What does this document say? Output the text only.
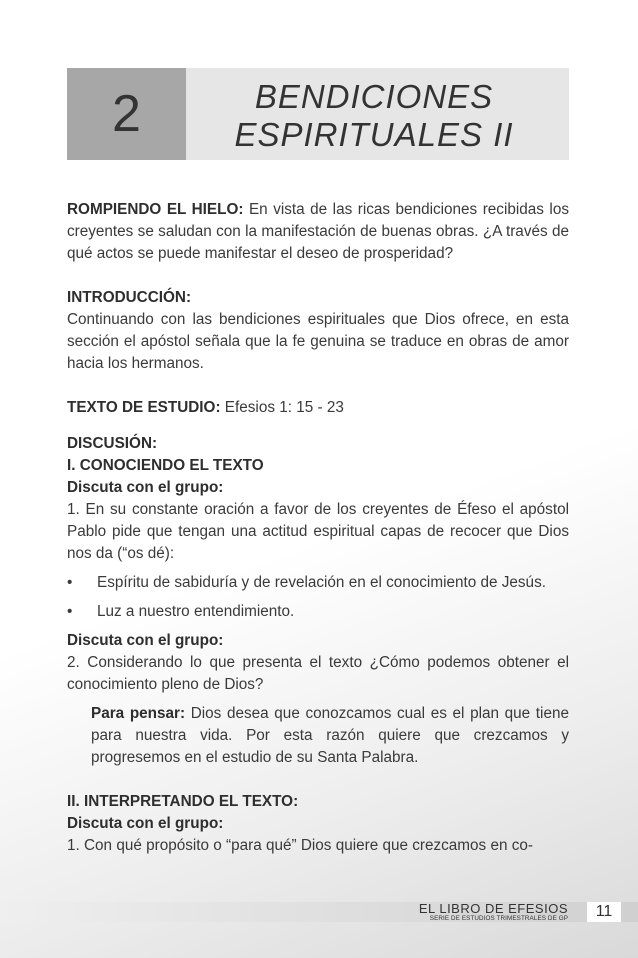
2	BENDICIONES
ESPIRITUALES II

ROMPIENDO EL HIELO: En vista de las ricas bendiciones recibidas los creyentes se saludan con la manifestación de buenas obras. ¿A través de qué actos se puede manifestar el deseo de prosperidad?

INTRODUCCIÓN:

Continuando con las bendiciones espirituales que Dios ofrece, en esta sección el apóstol señala que la fe genuina se traduce en obras de amor hacia los hermanos.

TEXTO DE ESTUDIO: Efesios 1: 15 - 23

DISCUSIÓN:

I. CONOCIENDO EL TEXTO

Discuta con el grupo:

1. En su constante oración a favor de los creyentes de Éfeso el apóstol Pablo pide que tengan una actitud espiritual capas de recocer que Dios nos da (“os dé):

•	Espíritu de sabiduría y de revelación en el conocimiento de Jesús.
•	Luz a nuestro entendimiento.

Discuta con el grupo:

2. Considerando lo que presenta el texto ¿Cómo podemos obtener el conocimiento pleno de Dios?

Para pensar: Dios desea que conozcamos cual es el plan que tiene para nuestra vida. Por esta razón quiere que crezcamos y progresemos en el estudio de su Santa Palabra.

II. INTERPRETANDO EL TEXTO:

Discuta con el grupo:

1. Con qué propósito o “para qué” Dios quiere que crezcamos en co-

EL LIBRO DE EFESIOS
SERIE DE ESTUDIOS TRIMESTRALES DE GP	11
